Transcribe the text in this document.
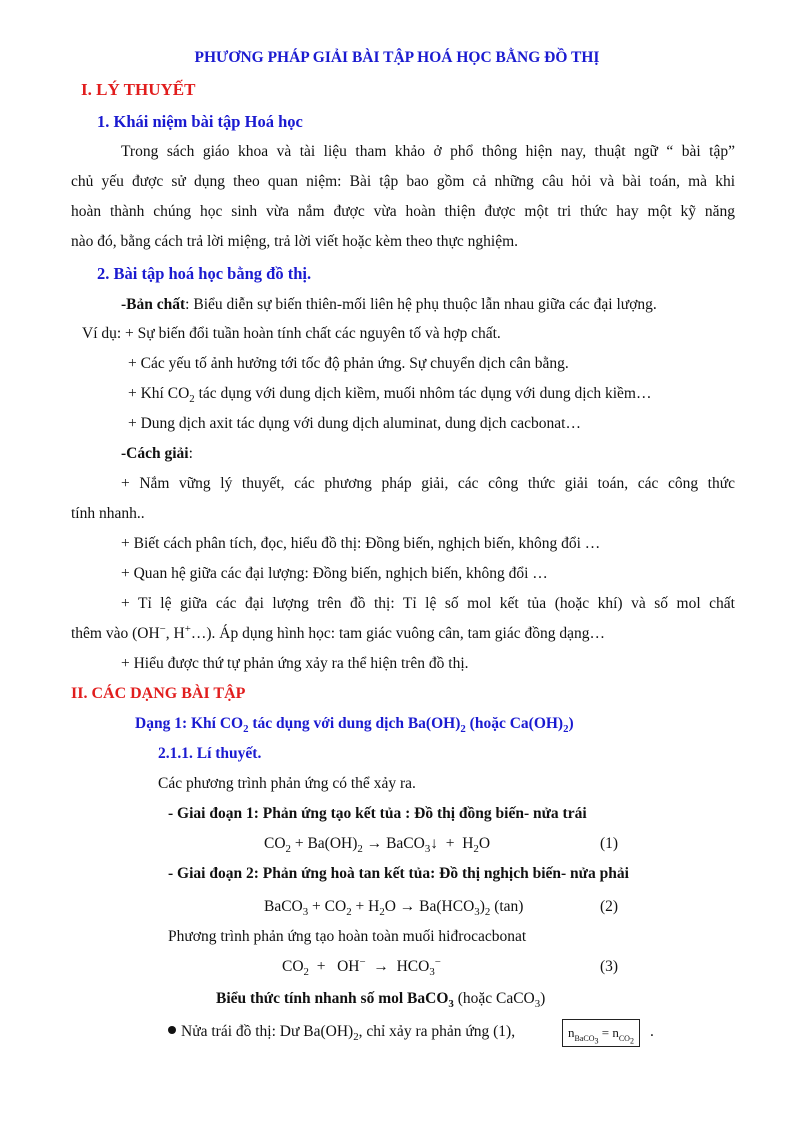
PHƯƠNG PHÁP GIẢI BÀI TẬP HOÁ HỌC BẰNG ĐỒ THỊ
I. LÝ THUYẾT
1. Khái niệm bài tập Hoá học
Trong sách giáo khoa và tài liệu tham khảo ở phổ thông hiện nay, thuật ngữ “ bài tập”
chủ yếu được sử dụng theo quan niệm: Bài tập bao gồm cả những câu hỏi và bài toán, mà khi
hoàn thành chúng học sinh vừa nắm được vừa hoàn thiện được một tri thức hay một kỹ năng
nào đó, bằng cách trả lời miệng, trả lời viết hoặc kèm theo thực nghiệm.
2. Bài tập hoá học bằng đồ thị.
-Bản chất: Biểu diễn sự biến thiên-mối liên hệ phụ thuộc lẫn nhau giữa các đại lượng.
Ví dụ: + Sự biến đổi tuần hoàn tính chất các nguyên tố và hợp chất.
+ Các yếu tố ảnh hưởng tới tốc độ phản ứng. Sự chuyển dịch cân bằng.
+ Khí $CO_2$ tác dụng với dung dịch kiềm, muối nhôm tác dụng với dung dịch kiềm…
+ Dung dịch axit tác dụng với dung dịch aluminat, dung dịch cacbonat…
-Cách giải:
+ Nắm vững lý thuyết, các phương pháp giải, các công thức giải toán, các công thức
tính nhanh..
+ Biết cách phân tích, đọc, hiểu đồ thị: Đồng biến, nghịch biến, không đổi …
+ Quan hệ giữa các đại lượng: Đồng biến, nghịch biến, không đổi …
+ Tỉ lệ giữa các đại lượng trên đồ thị: Tỉ lệ số mol kết tủa (hoặc khí) và số mol chất
thêm vào (OH−, H+…). Áp dụng hình học: tam giác vuông cân, tam giác đồng dạng…
+ Hiểu được thứ tự phản ứng xảy ra thể hiện trên đồ thị.
II. CÁC DẠNG BÀI TẬP
Dạng 1: Khí $CO_2$ tác dụng với dung dịch $Ba(OH)_2$ (hoặc $Ca(OH)_2$)
2.1.1. Lí thuyết.
Các phương trình phản ứng có thể xảy ra.
- Giai đoạn 1: Phản ứng tạo kết tủa : Đồ thị đồng biến- nửa trái
$CO_2 + Ba(OH)_2$ → BaCO$_3$↓  +  $H_2O$	(1)
- Giai đoạn 2: Phản ứng hoà tan kết tủa: Đồ thị nghịch biến- nửa phải
BaCO$_3$ + $CO_2 + H_2O \to Ba(HCO_3)_2$ (tan)	(2)
Phương trình phản ứng tạo hoàn toàn muối hiđrocacbonat
$CO_2 + OH^- \to HCO_3^-$	(3)
Biểu thức tính nhanh số mol BaCO$_3$ (hoặc CaCO$_3$)
Nửa trái đồ thị: Dư $Ba(OH)_2$, chỉ xảy ra phản ứng (1),	$n_{BaCO_3} = n_{CO_2}$
.
